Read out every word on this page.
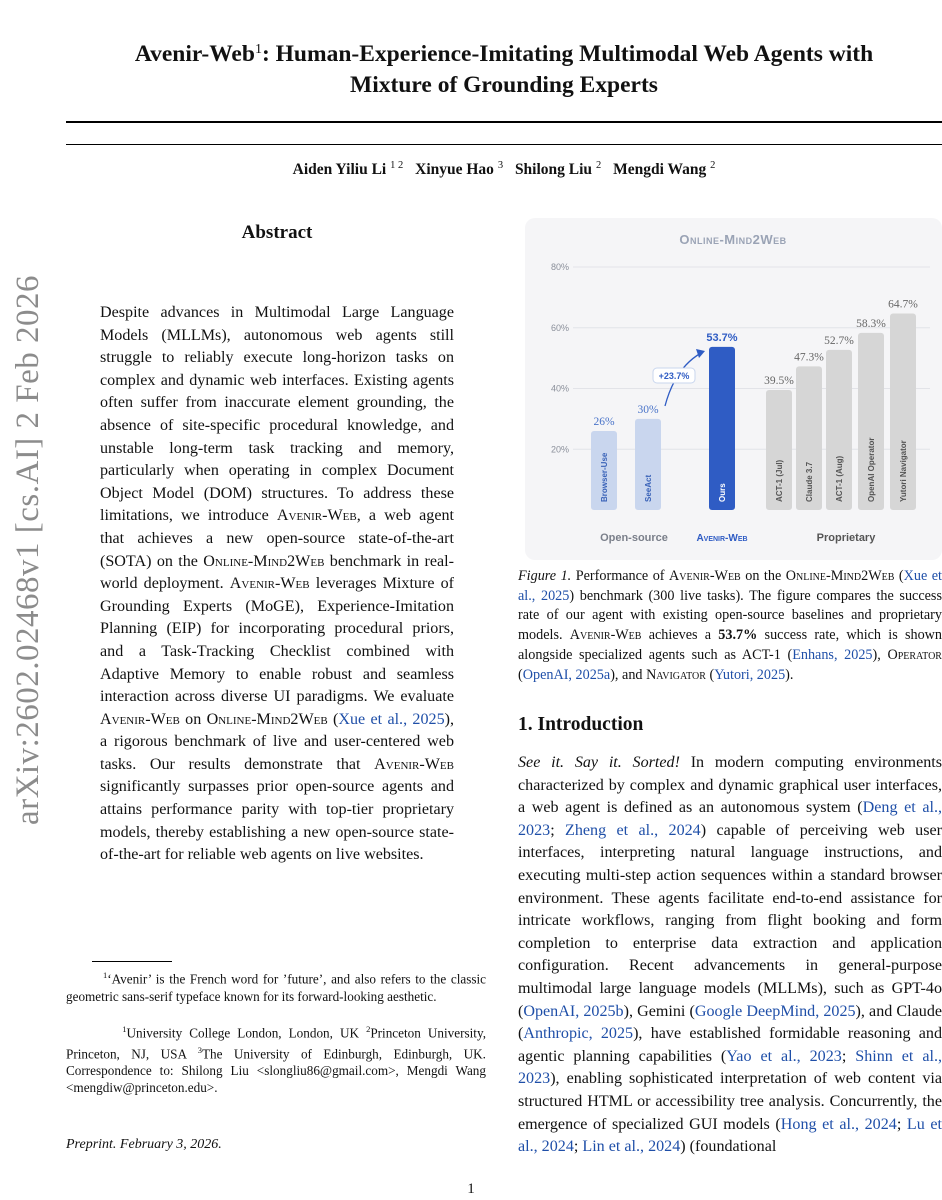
arXiv:2602.02468v1 [cs.AI] 2 Feb 2026
Avenir-Web$^1$: Human-Experience-Imitating Multimodal Web Agents with
Mixture of Grounding Experts
Aiden Yiliu Li $^{1 2}$ Xinyue Hao $^3$ Shilong Liu $^2$ Mengdi Wang $^2$
Abstract
Despite advances in Multimodal Large Language Models (MLLMs), autonomous web agents still struggle to reliably execute long-horizon tasks on complex and dynamic web interfaces. Existing agents often suffer from inaccurate element grounding, the absence of site-specific procedural knowledge, and unstable long-term task tracking and memory, particularly when operating in complex Document Object Model (DOM) structures. To address these limitations, we introduce Avenir-Web, a web agent that achieves a new open-source state-of-the-art (SOTA) on the Online-Mind2Web benchmark in real-world deployment. Avenir-Web leverages Mixture of Grounding Experts (MoGE), Experience-Imitation Planning (EIP) for incorporating procedural priors, and a Task-Tracking Checklist combined with Adaptive Memory to enable robust and seamless interaction across diverse UI paradigms. We evaluate Avenir-Web on Online-Mind2Web (Xue et al., 2025), a rigorous benchmark of live and user-centered web tasks. Our results demonstrate that Avenir-Web significantly surpasses prior open-source agents and attains performance parity with top-tier proprietary models, thereby establishing a new open-source state-of-the-art for reliable web agents on live websites.
$^1$‘Avenir’ is the French word for ’future’, and also refers to the classic geometric sans-serif typeface known for its forward-looking aesthetic.
$^1$University College London, London, UK $^2$Princeton University, Princeton, NJ, USA $^3$The University of Edinburgh, Edinburgh, UK. Correspondence to: Shilong Liu <slongliu86@gmail.com>, Mengdi Wang <mengdiw@princeton.edu>.
Preprint. February 3, 2026.
1
Online-Mind2Web
20%
40%
60%
80%
26%
Browser-Use
30%
SeeAct
53.7%
Ours
39.5%
ACT-1 (Jul)
47.3%
Claude 3.7
52.7%
ACT-1 (Aug)
58.3%
OpenAI Operator
64.7%
Yutori Navigator
Open-source	Avenir-Web	Proprietary
+23.7%
Figure 1. Performance of Avenir-Web on the Online-Mind2Web (Xue et al., 2025) benchmark (300 live tasks). The figure compares the success rate of our agent with existing open-source baselines and proprietary models. Avenir-Web achieves a 53.7% success rate, which is shown alongside specialized agents such as ACT-1 (Enhans, 2025), Operator (OpenAI, 2025a), and Navigator (Yutori, 2025).
1. Introduction
See it. Say it. Sorted! In modern computing environments characterized by complex and dynamic graphical user interfaces, a web agent is defined as an autonomous system (Deng et al., 2023; Zheng et al., 2024) capable of perceiving web user interfaces, interpreting natural language instructions, and executing multi-step action sequences within a standard browser environment. These agents facilitate end-to-end assistance for intricate workflows, ranging from flight booking and form completion to enterprise data extraction and application configuration. Recent advancements in general-purpose multimodal large language models (MLLMs), such as GPT-4o (OpenAI, 2025b), Gemini (Google DeepMind, 2025), and Claude (Anthropic, 2025), have established formidable reasoning and agentic planning capabilities (Yao et al., 2023; Shinn et al., 2023), enabling sophisticated interpretation of web content via structured HTML or accessibility tree analysis. Concurrently, the emergence of specialized GUI models (Hong et al., 2024; Lu et al., 2024; Lin et al., 2024) (foundational
